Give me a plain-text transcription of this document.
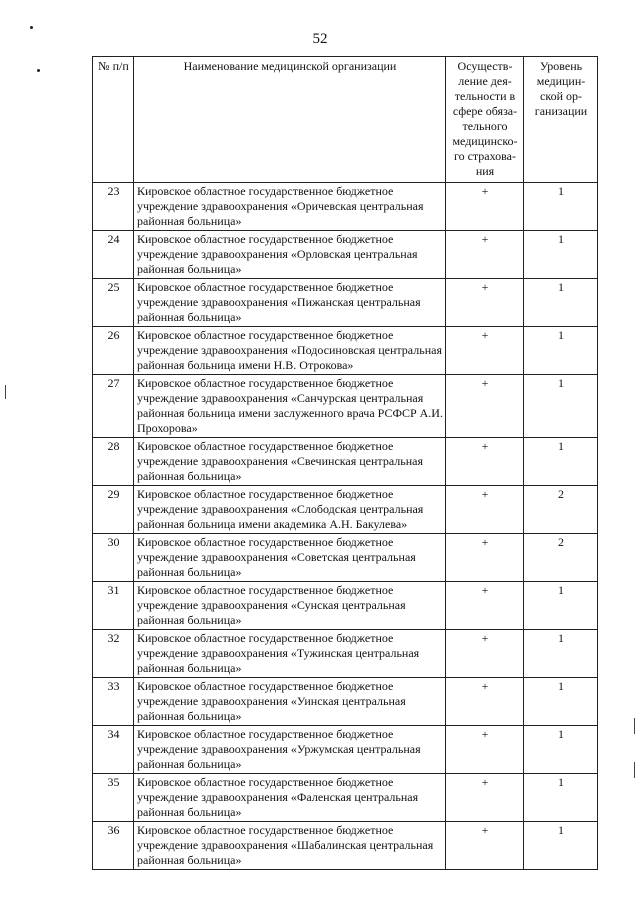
52
№ п/п	Наименование медицинской организации	Осуществ-ление дея-тельности в сфере обяза-тельного медицинско-го страхова-ния	Уровень медицин-ской ор-ганизации
23	Кировское областное государственное бюджетное учреждение здравоохранения «Оричевская центральная районная больница»	+	1
24	Кировское областное государственное бюджетное учреждение здравоохранения «Орловская центральная районная больница»	+	1
25	Кировское областное государственное бюджетное учреждение здравоохранения «Пижанская центральная районная больница»	+	1
26	Кировское областное государственное бюджетное учреждение здравоохранения «Подосиновская центральная районная больница имени Н.В. Отрокова»	+	1
27	Кировское областное государственное бюджетное учреждение здравоохранения «Санчурская центральная районная больница имени заслуженного врача РСФСР А.И. Прохорова»	+	1
28	Кировское областное государственное бюджетное учреждение здравоохранения «Свечинская центральная районная больница»	+	1
29	Кировское областное государственное бюджетное учреждение здравоохранения «Слободская центральная районная больница имени академика А.Н. Бакулева»	+	2
30	Кировское областное государственное бюджетное учреждение здравоохранения «Советская центральная районная больница»	+	2
31	Кировское областное государственное бюджетное учреждение здравоохранения «Сунская центральная районная больница»	+	1
32	Кировское областное государственное бюджетное учреждение здравоохранения «Тужинская центральная районная больница»	+	1
33	Кировское областное государственное бюджетное учреждение здравоохранения «Уинская центральная районная больница»	+	1
34	Кировское областное государственное бюджетное учреждение здравоохранения «Уржумская центральная районная больница»	+	1
35	Кировское областное государственное бюджетное учреждение здравоохранения «Фаленская центральная районная больница»	+	1
36	Кировское областное государственное бюджетное учреждение здравоохранения «Шабалинская центральная районная больница»	+	1
